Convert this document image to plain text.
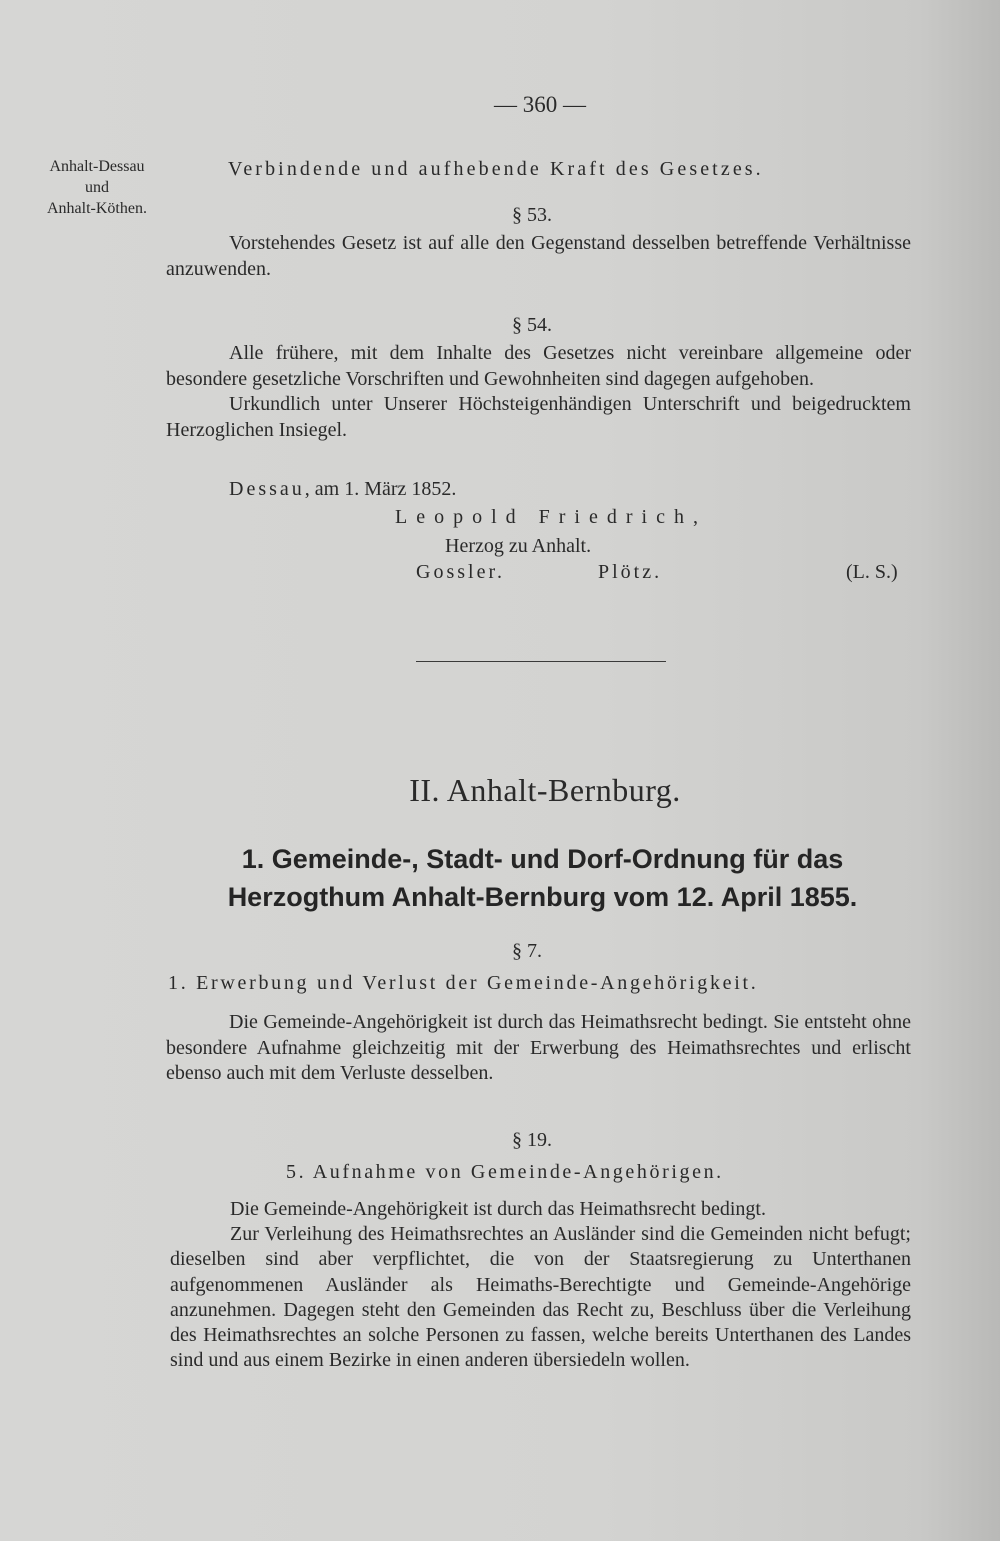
— 360 —
Anhalt-Dessau
und
Anhalt-Köthen.
Verbindende und aufhebende Kraft des Gesetzes.
§ 53.

Vorstehendes Gesetz ist auf alle den Gegenstand desselben betreffende Verhältnisse anzuwenden.

§ 54.

Alle frühere, mit dem Inhalte des Gesetzes nicht vereinbare allgemeine oder besondere gesetzliche Vorschriften und Gewohnheiten sind dagegen aufgehoben.

Urkundlich unter Unserer Höchsteigenhändigen Unterschrift und beigedrucktem Herzoglichen Insiegel.

Dessau, am 1. März 1852.
Leopold Friedrich,
Herzog zu Anhalt.
Gossler.	Plötz.	(L. S.)
II. Anhalt-Bernburg.
1. Gemeinde-, Stadt- und Dorf-Ordnung für das
Herzogthum Anhalt-Bernburg vom 12. April 1855.
§ 7.
1. Erwerbung und Verlust der Gemeinde-Angehörigkeit.

Die Gemeinde-Angehörigkeit ist durch das Heimathsrecht bedingt. Sie entsteht ohne besondere Aufnahme gleichzeitig mit der Erwerbung des Heimathsrechtes und erlischt ebenso auch mit dem Verluste desselben.

§ 19.
5. Aufnahme von Gemeinde-Angehörigen.

Die Gemeinde-Angehörigkeit ist durch das Heimathsrecht bedingt.

Zur Verleihung des Heimathsrechtes an Ausländer sind die Gemeinden nicht befugt; dieselben sind aber verpflichtet, die von der Staatsregierung zu Unterthanen aufgenommenen Ausländer als Heimaths-Berechtigte und Gemeinde-Angehörige anzunehmen. Dagegen steht den Gemeinden das Recht zu, Beschluss über die Verleihung des Heimathsrechtes an solche Personen zu fassen, welche bereits Unterthanen des Landes sind und aus einem Bezirke in einen anderen übersiedeln wollen.
